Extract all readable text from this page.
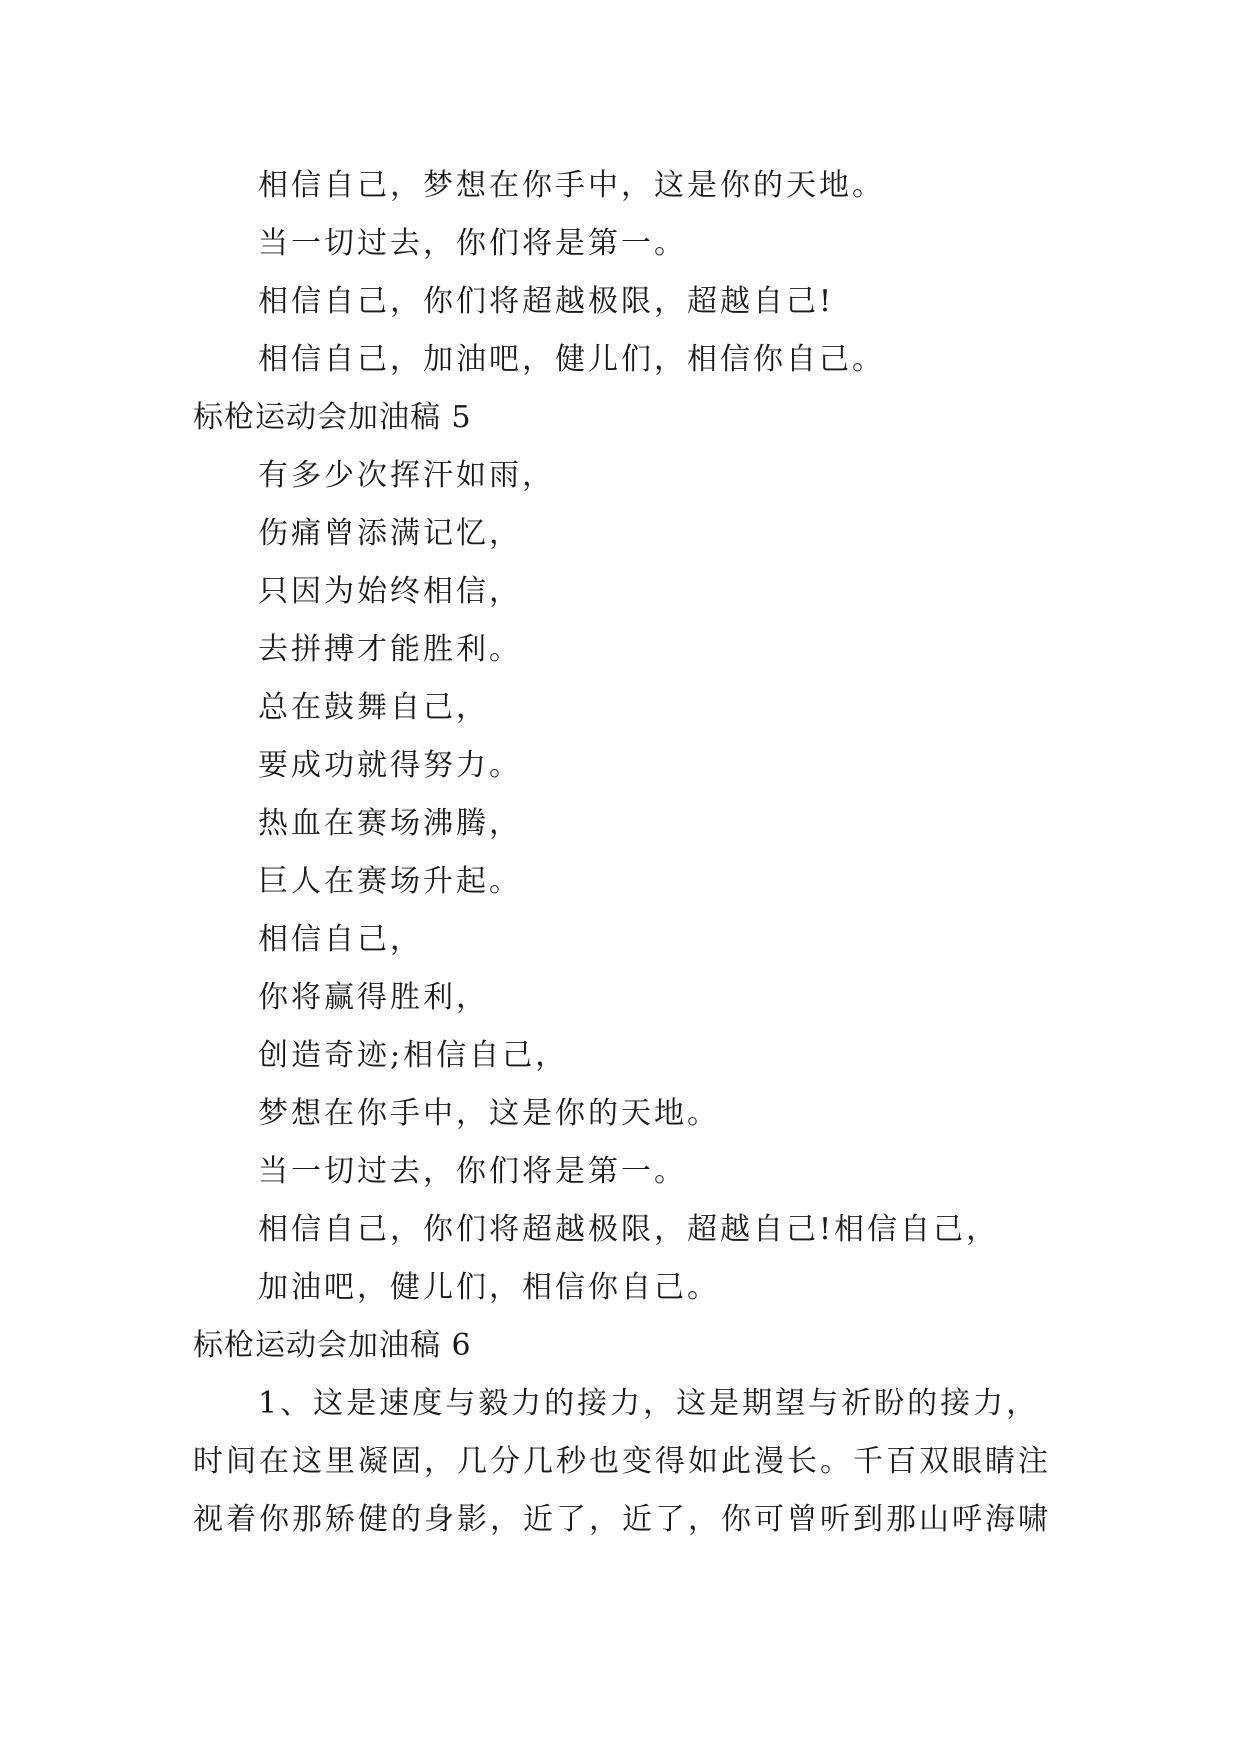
相信自己，梦想在你手中，这是你的天地。
当一切过去，你们将是第一。
相信自己，你们将超越极限，超越自己!
相信自己，加油吧，健儿们，相信你自己。
标枪运动会加油稿 5
有多少次挥汗如雨，
伤痛曾添满记忆，
只因为始终相信，
去拼搏才能胜利。
总在鼓舞自己，
要成功就得努力。
热血在赛场沸腾，
巨人在赛场升起。
相信自己，
你将赢得胜利，
创造奇迹;相信自己，
梦想在你手中，这是你的天地。
当一切过去，你们将是第一。
相信自己，你们将超越极限，超越自己!相信自己，
加油吧，健儿们，相信你自己。
标枪运动会加油稿 6
1、这是速度与毅力的接力，这是期望与祈盼的接力，
时间在这里凝固，几分几秒也变得如此漫长。千百双眼睛注
视着你那矫健的身影，近了，近了，你可曾听到那山呼海啸
